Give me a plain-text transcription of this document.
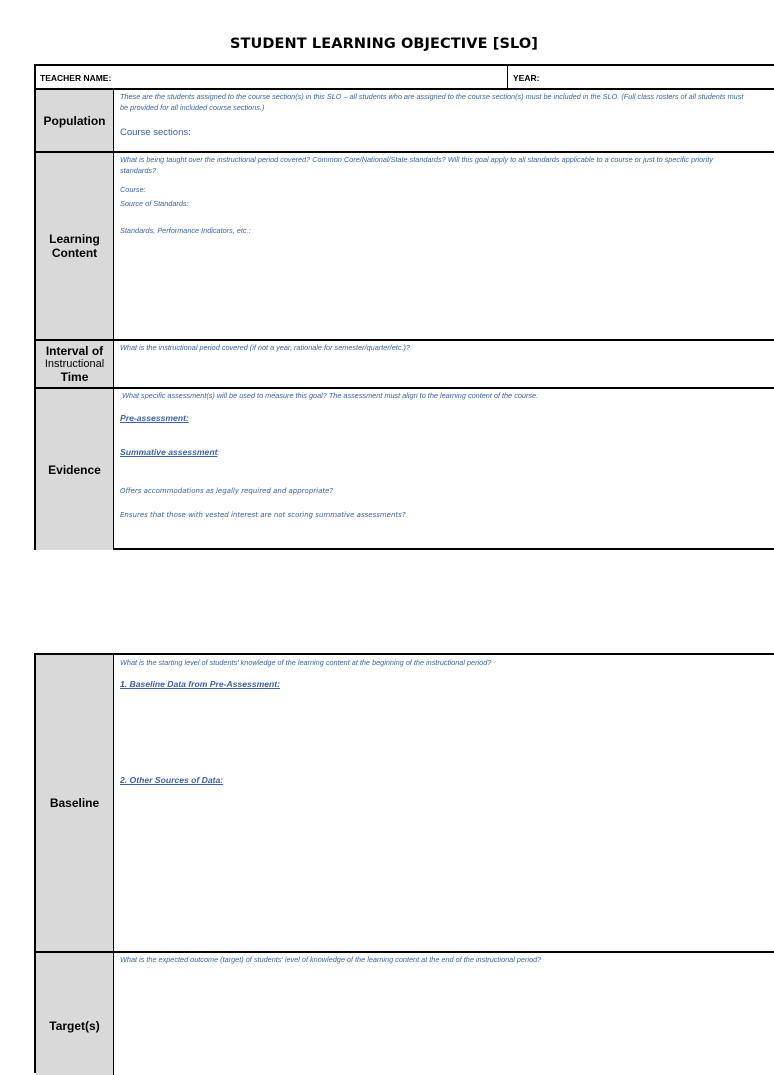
STUDENT LEARNING OBJECTIVE [SLO]
TEACHER NAME:	YEAR:
Population
These are the students assigned to the course section(s) in this SLO – all students who are assigned to the course section(s) must be included in the SLO. (Full class rosters of all students must be provided for all included course sections.)
Course sections:
Learning
Content
What is being taught over the instructional period covered? Common Core/National/State standards? Will this goal apply to all standards applicable to a course or just to specific priority standards?
Course:
Source of Standards:
Standards, Performance Indicators, etc.:
Interval of
Instructional
Time
What is the instructional period covered (if not a year, rationale for semester/quarter/etc.)?
Evidence
What specific assessment(s) will be used to measure this goal? The assessment must align to the learning content of the course.
Pre-assessment:
Summative assessment:
Offers accommodations as legally required and appropriate?
Ensures that those with vested interest are not scoring summative assessments?
Baseline
What is the starting level of students' knowledge of the learning content at the beginning of the instructional period?
1. Baseline Data from Pre-Assessment:
2. Other Sources of Data:
Target(s)
What is the expected outcome (target) of students' level of knowledge of the learning content at the end of the instructional period?
